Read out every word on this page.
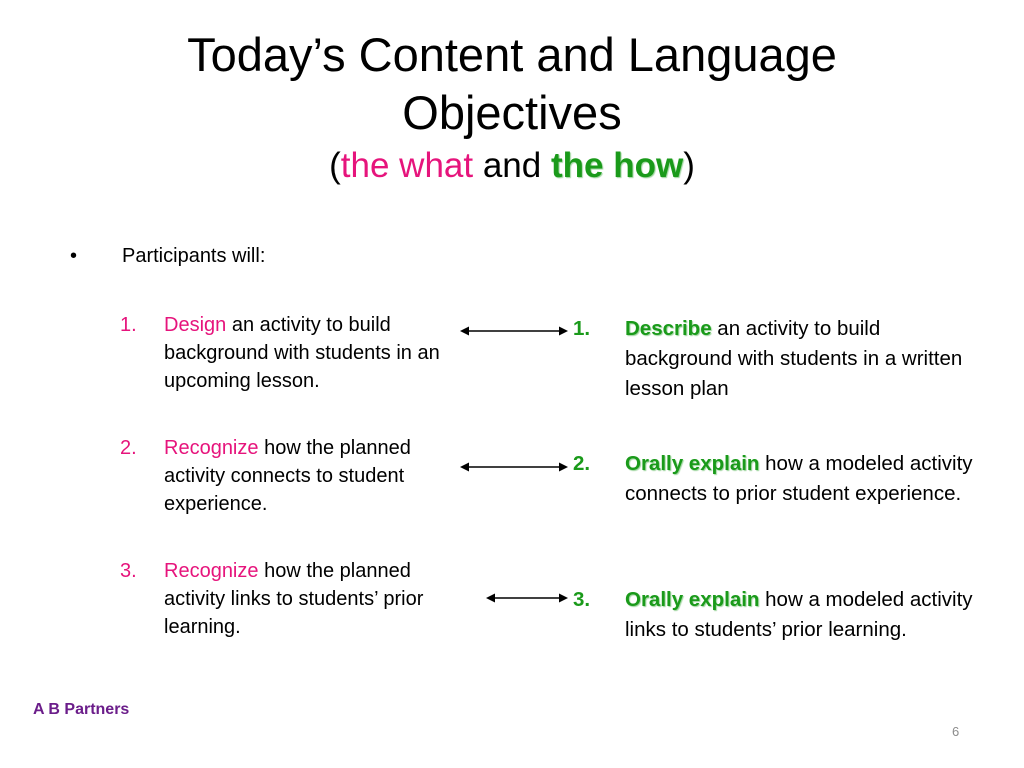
Today’s Content and Language
Objectives
(the what and the how)
• Participants will:
1. Design an activity to build background with students in an upcoming lesson.
2. Recognize how the planned activity connects to student experience.
3. Recognize how the planned activity links to students’ prior learning.
1. Describe an activity to build background with students in a written lesson plan
2. Orally explain how a modeled activity connects to prior student experience.
3. Orally explain how a modeled activity links to students’ prior learning.
A B Partners
6
